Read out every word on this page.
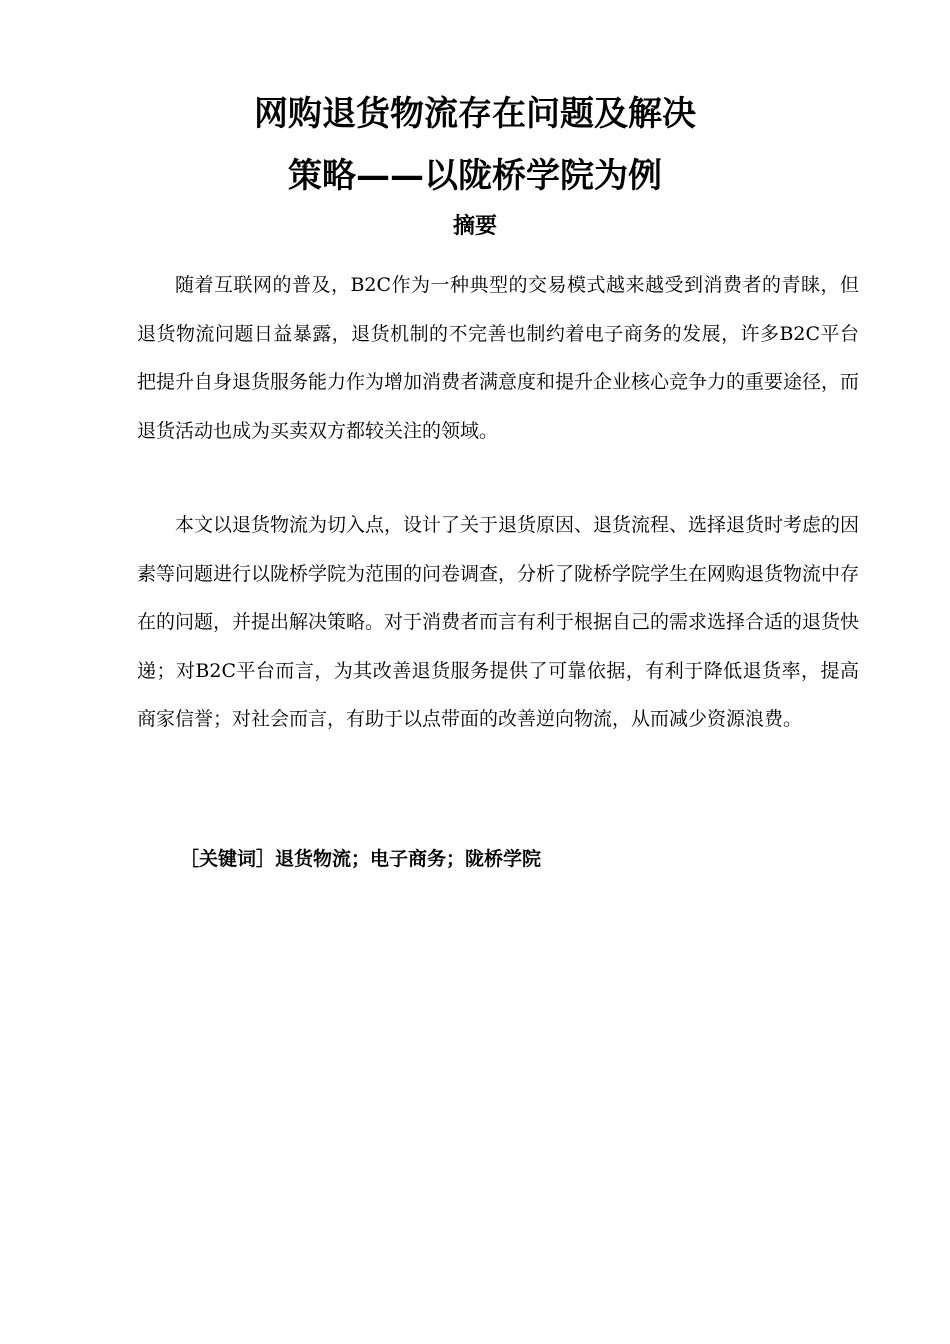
网购退货物流存在问题及解决
策略——以陇桥学院为例
摘要

随着互联网的普及，B2C作为一种典型的交易模式越来越受到消费者的青睐，但退货物流问题日益暴露，退货机制的不完善也制约着电子商务的发展，许多B2C平台把提升自身退货服务能力作为增加消费者满意度和提升企业核心竞争力的重要途径，而退货活动也成为买卖双方都较关注的领域。

本文以退货物流为切入点，设计了关于退货原因、退货流程、选择退货时考虑的因素等问题进行以陇桥学院为范围的问卷调查，分析了陇桥学院学生在网购退货物流中存在的问题，并提出解决策略。对于消费者而言有利于根据自己的需求选择合适的退货快递；对B2C平台而言，为其改善退货服务提供了可靠依据，有利于降低退货率，提高商家信誉；对社会而言，有助于以点带面的改善逆向物流，从而减少资源浪费。

［关键词］退货物流；电子商务；陇桥学院
